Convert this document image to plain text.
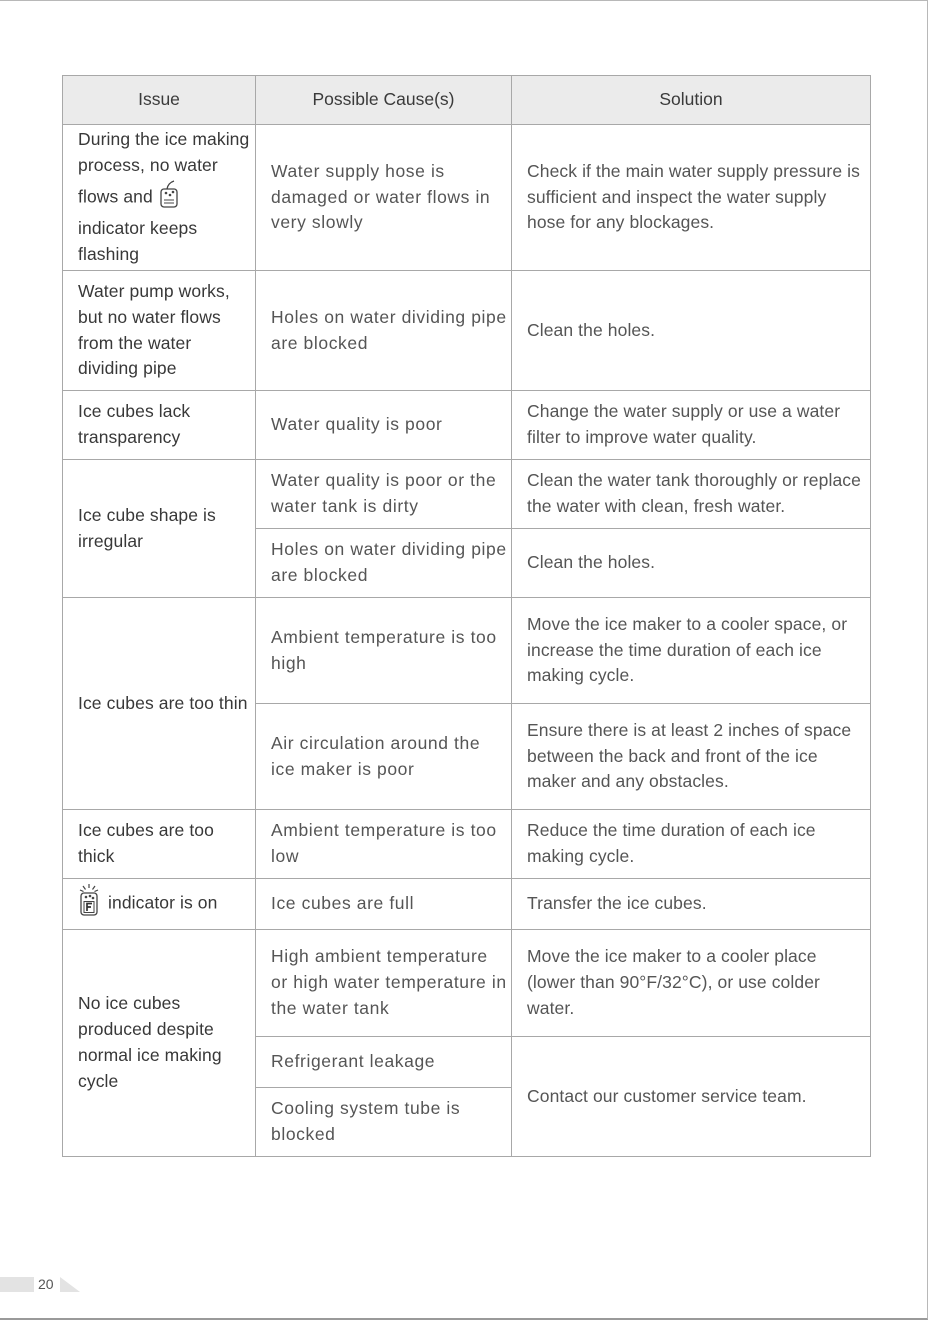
Issue	Possible Cause(s)	Solution
During the ice making process, no water flows and  indicator keeps flashing	Water supply hose is damaged or water flows in very slowly	Check if the main water supply pressure is sufficient and inspect the water supply hose for any blockages.
Water pump works, but no water flows from the water dividing pipe	Holes on water dividing pipe are blocked	Clean the holes.
Ice cubes lack transparency	Water quality is poor	Change the water supply or use a water filter to improve water quality.
Ice cube shape is irregular	Water quality is poor or the water tank is dirty	Clean the water tank thoroughly or replace the water with clean, fresh water.
	Holes on water dividing pipe are blocked	Clean the holes.
Ice cubes are too thin	Ambient temperature is too high	Move the ice maker to a cooler space, or increase the time duration of each ice making cycle.
	Air circulation around the ice maker is poor	Ensure there is at least 2 inches of space between the back and front of the ice maker and any obstacles.
Ice cubes are too thick	Ambient temperature is too low	Reduce the time duration of each ice making cycle.
indicator is on	Ice cubes are full	Transfer the ice cubes.
No ice cubes produced despite normal ice making cycle	High ambient temperature or high water temperature in the water tank	Move the ice maker to a cooler place (lower than 90°F/32°C), or use colder water.
	Refrigerant leakage	Contact our customer service team.
	Cooling system tube is blocked	
20
